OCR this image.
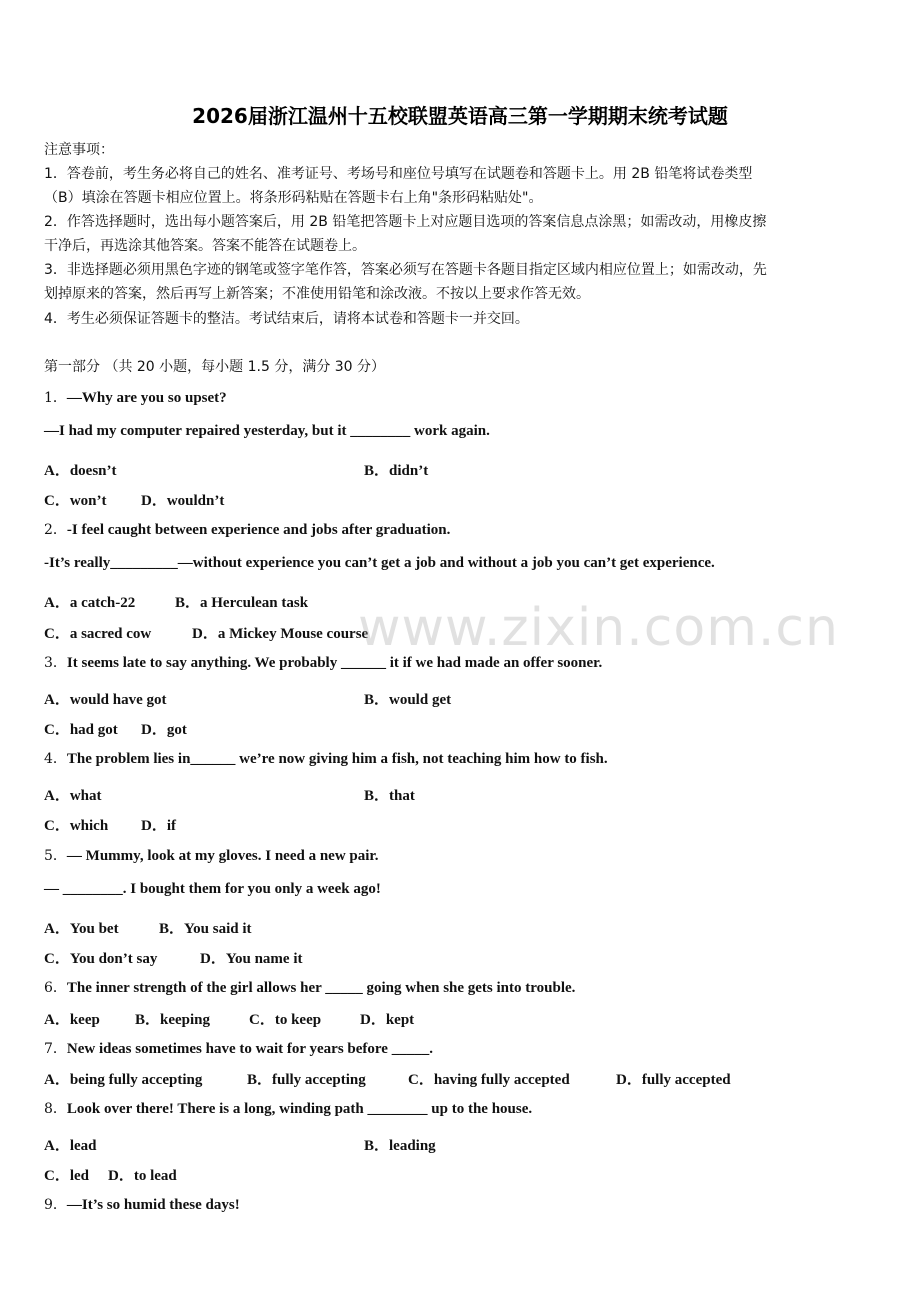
2026届浙江温州十五校联盟英语高三第一学期期末统考试题
注意事项：
1．答卷前，考生务必将自己的姓名、准考证号、考场号和座位号填写在试题卷和答题卡上。用 2B 铅笔将试卷类型
（B）填涂在答题卡相应位置上。将条形码粘贴在答题卡右上角"条形码粘贴处"。
2．作答选择题时，选出每小题答案后，用 2B 铅笔把答题卡上对应题目选项的答案信息点涂黑；如需改动，用橡皮擦
干净后，再选涂其他答案。答案不能答在试题卷上。
3．非选择题必须用黑色字迹的钢笔或签字笔作答，答案必须写在答题卡各题目指定区域内相应位置上；如需改动，先
划掉原来的答案，然后再写上新答案；不准使用铅笔和涂改液。不按以上要求作答无效。
4．考生必须保证答题卡的整洁。考试结束后，请将本试卷和答题卡一并交回。
第一部分 （共 20 小题，每小题 1.5 分，满分 30 分）
1．—Why are you so upset?
—I had my computer repaired yesterday, but it ________ work again.
A．doesn’t	B．didn’t
C．won’t D．wouldn’t
2．-I feel caught between experience and jobs after graduation.
-It’s really_________—without experience you can’t get a job and without a job you can’t get experience.
A．a catch-22	B．a Herculean task
C．a sacred cow	D．a Mickey Mouse course
3．It seems late to say anything. We probably ______ it if we had made an offer sooner.
A．would have got	B．would get
C．had got D．got
4．The problem lies in______ we’re now giving him a fish, not teaching him how to fish.
A．what	B．that
C．which D．if
5．— Mummy, look at my gloves. I need a new pair.
— ________. I bought them for you only a week ago!
A．You bet	B．You said it
C．You don’t say	D．You name it
6．The inner strength of the girl allows her _____ going when she gets into trouble.
A．keep B．keeping	C．to keep	D．kept
7．New ideas sometimes have to wait for years before _____.
A．being fully accepting	B．fully accepting	C．having fully accepted	D．fully accepted
8．Look over there! There is a long, winding path ________ up to the house.
A．lead	B．leading
C．led D．to lead
9．—It’s so humid these days!
www.zixin.com.cn
